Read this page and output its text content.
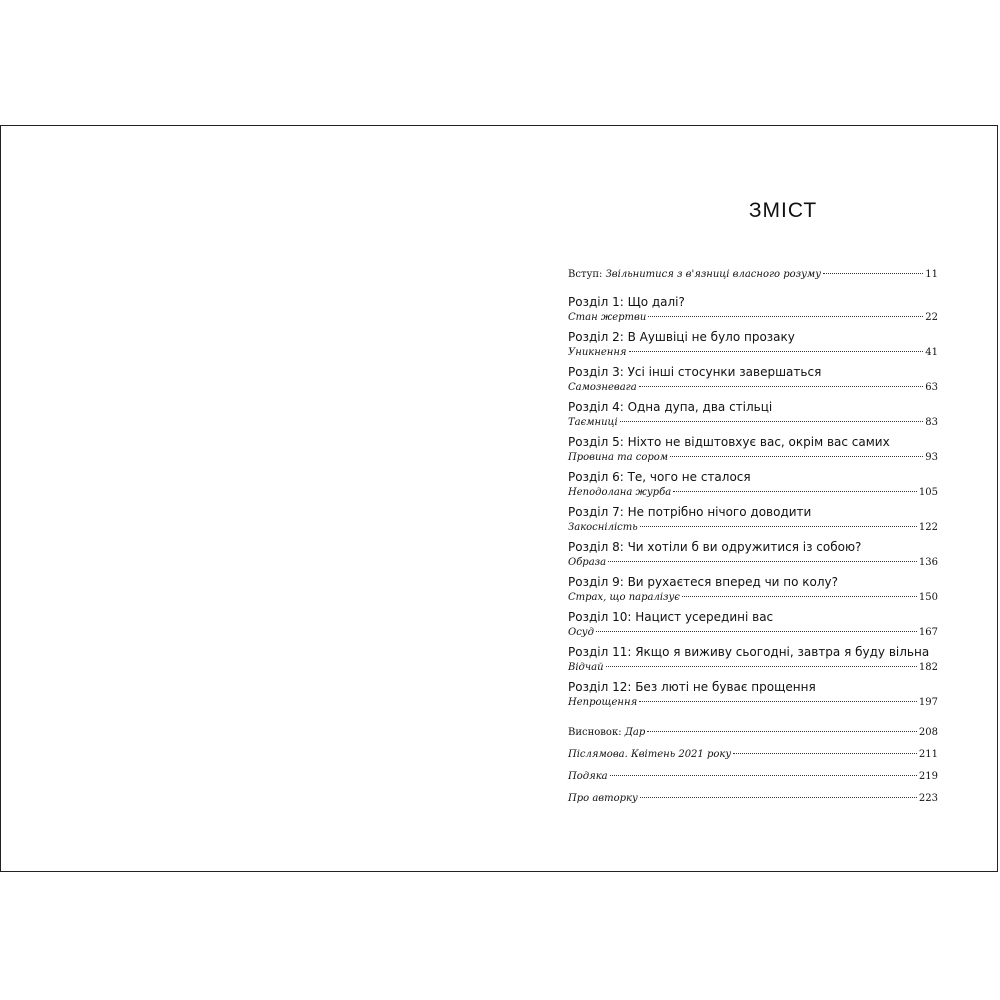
ЗМІСТ
Вступ: Звільнитися з в'язниці власного розуму	11
Розділ 1: Що далі?
Стан жертви	22
Розділ 2: В Аушвіці не було прозаку
Уникнення	41
Розділ 3: Усі інші стосунки завершаться
Самозневага	63
Розділ 4: Одна дупа, два стільці
Таємниці	83
Розділ 5: Ніхто не відштовхує вас, окрім вас самих
Провина та сором	93
Розділ 6: Те, чого не сталося
Неподолана журба	105
Розділ 7: Не потрібно нічого доводити
Закосніліcть	122
Розділ 8: Чи хотіли б ви одружитися із собою?
Образа	136
Розділ 9: Ви рухаєтеся вперед чи по колу?
Страх, що паралізує	150
Розділ 10: Нацист усередині вас
Осуд	167
Розділ 11: Якщо я виживу сьогодні, завтра я буду вільна
Відчай	182
Розділ 12: Без люті не буває прощення
Непрощення	197
Висновок: Дар	208
Післямова. Квітень 2021 року	211
Подяка	219
Про авторку	223
